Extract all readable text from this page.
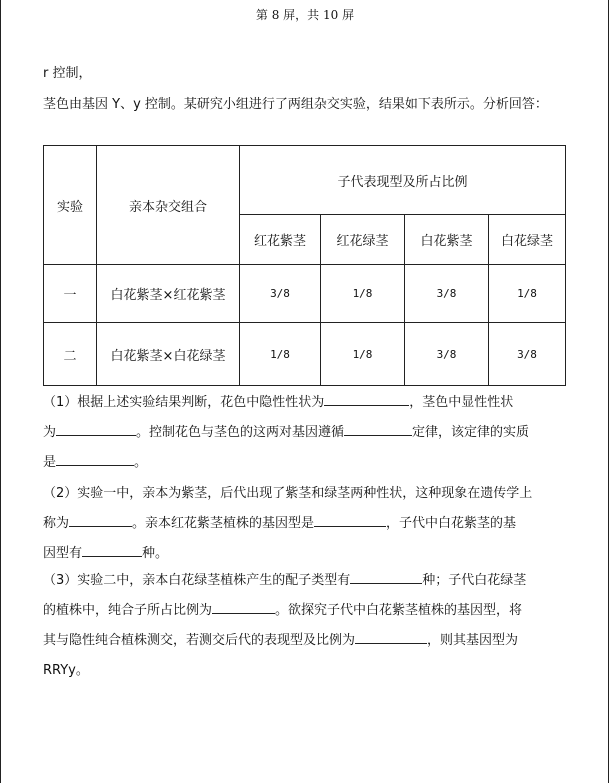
第 8 屏，共 10 屏
r 控制，
茎色由基因 Y、y 控制。某研究小组进行了两组杂交实验，结果如下表所示。分析回答：
实验	亲本杂交组合	子代表现型及所占比例			
		红花紫茎	红花绿茎	白花紫茎	白花绿茎
一	白花紫茎×红花紫茎	3/8	1/8	3/8	1/8
二	白花紫茎×白花绿茎	1/8	1/8	3/8	3/8
（1）根据上述实验结果判断，花色中隐性性状为	，茎色中显性性状
为	。控制花色与茎色的这两对基因遵循	定律，该定律的实质
是	。
（2）实验一中，亲本为紫茎，后代出现了紫茎和绿茎两种性状，这种现象在遗传学上
称为	。亲本红花紫茎植株的基因型是	，子代中白花紫茎的基
因型有	种。
（3）实验二中，亲本白花绿茎植株产生的配子类型有	种；子代白花绿茎
的植株中，纯合子所占比例为	。欲探究子代中白花紫茎植株的基因型，将
其与隐性纯合植株测交，若测交后代的表现型及比例为	，则其基因型为
RRYy。
